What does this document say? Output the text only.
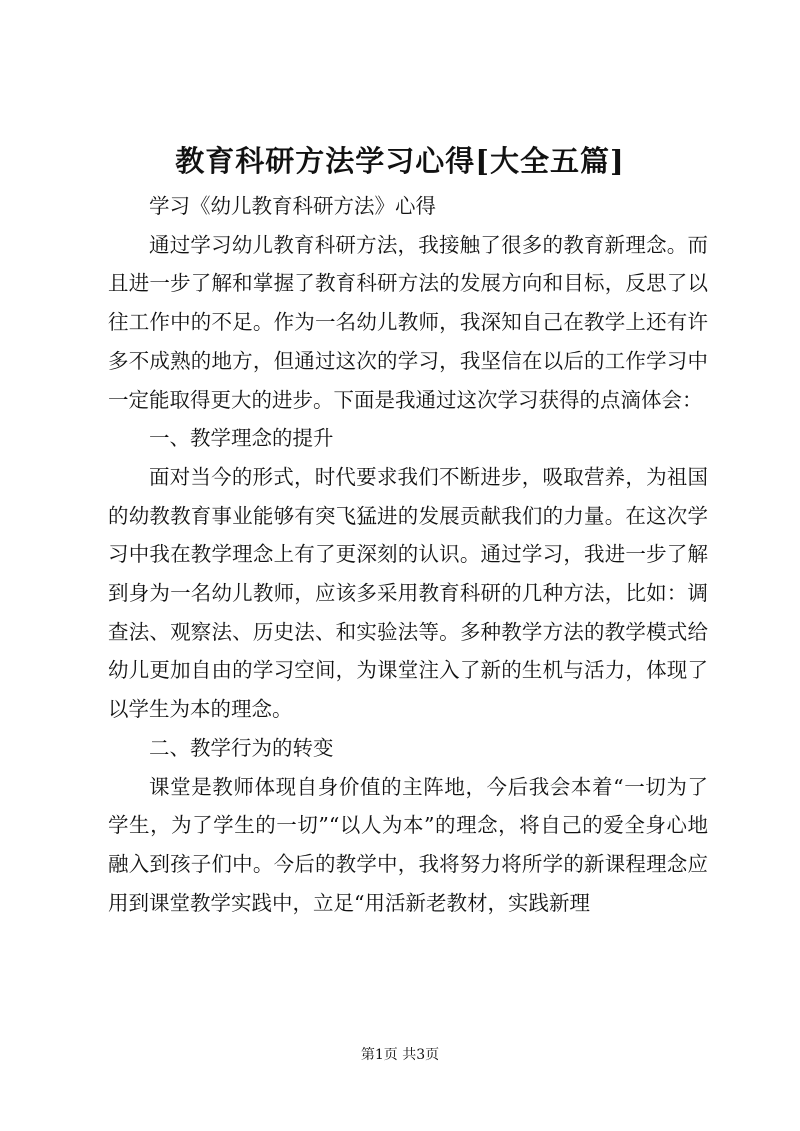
教育科研方法学习心得[大全五篇]

学习《幼儿教育科研方法》心得

通过学习幼儿教育科研方法，我接触了很多的教育新理念。而且进一步了解和掌握了教育科研方法的发展方向和目标，反思了以往工作中的不足。作为一名幼儿教师，我深知自己在教学上还有许多不成熟的地方，但通过这次的学习，我坚信在以后的工作学习中一定能取得更大的进步。下面是我通过这次学习获得的点滴体会：

一、教学理念的提升

面对当今的形式，时代要求我们不断进步，吸取营养，为祖国的幼教教育事业能够有突飞猛进的发展贡献我们的力量。在这次学习中我在教学理念上有了更深刻的认识。通过学习，我进一步了解到身为一名幼儿教师，应该多采用教育科研的几种方法，比如：调查法、观察法、历史法、和实验法等。多种教学方法的教学模式给幼儿更加自由的学习空间，为课堂注入了新的生机与活力，体现了以学生为本的理念。

二、教学行为的转变

课堂是教师体现自身价值的主阵地，今后我会本着“一切为了学生，为了学生的一切”“以人为本”的理念，将自己的爱全身心地融入到孩子们中。今后的教学中，我将努力将所学的新课程理念应用到课堂教学实践中，立足“用活新老教材，实践新理

第1页 共3页
